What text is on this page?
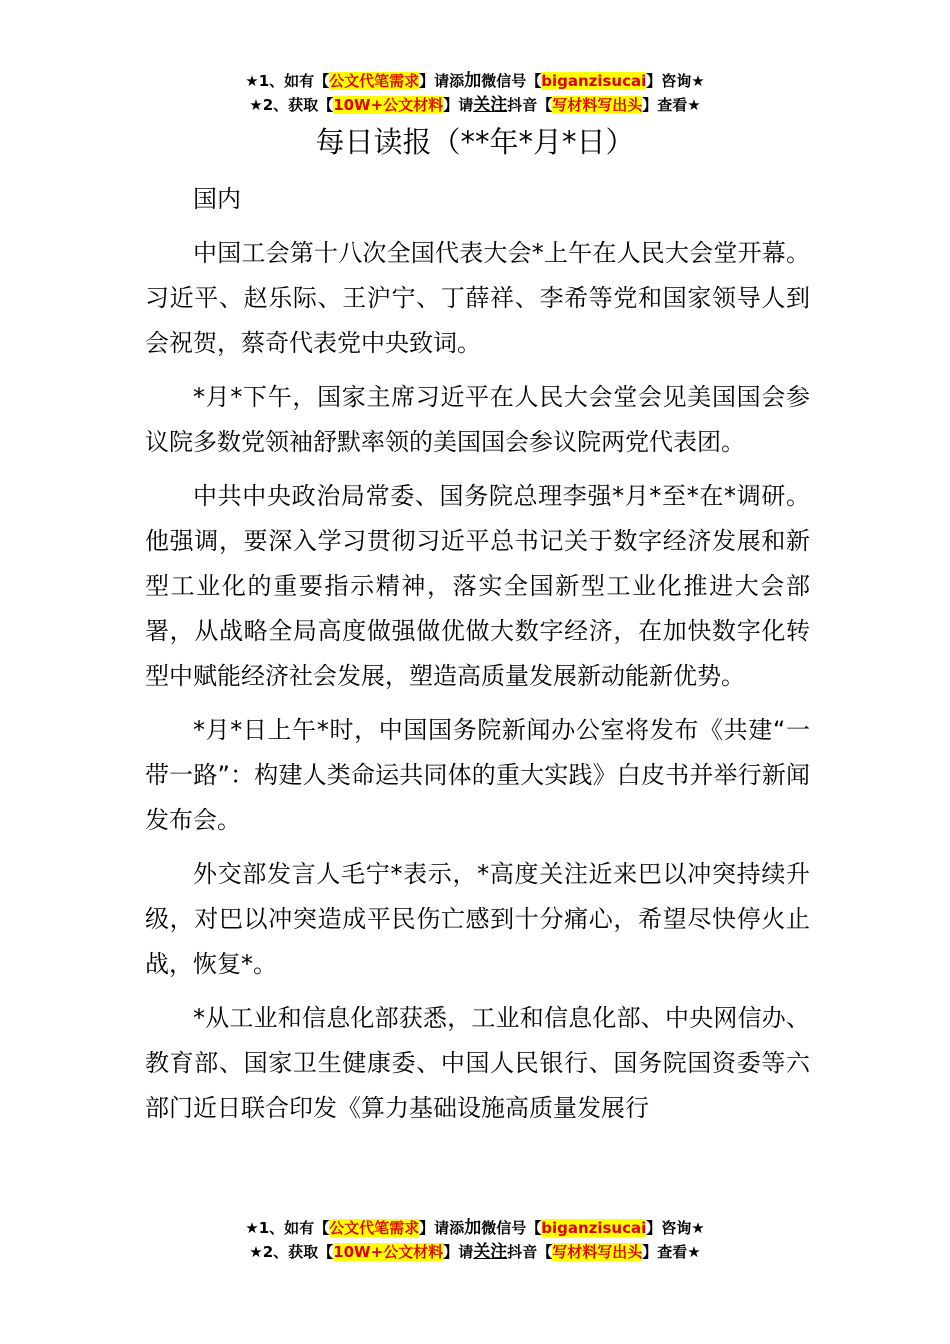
★1、如有【公文代笔需求】请添加微信号【biganzisucai】咨询★
★2、获取【10W+公文材料】请关注抖音【写材料写出头】查看★
每日读报（**年*月*日）

国内

中国工会第十八次全国代表大会*上午在人民大会堂开幕。习近平、赵乐际、王沪宁、丁薛祥、李希等党和国家领导人到会祝贺，蔡奇代表党中央致词。

*月*下午，国家主席习近平在人民大会堂会见美国国会参议院多数党领袖舒默率领的美国国会参议院两党代表团。

中共中央政治局常委、国务院总理李强*月*至*在*调研。他强调，要深入学习贯彻习近平总书记关于数字经济发展和新型工业化的重要指示精神，落实全国新型工业化推进大会部署，从战略全局高度做强做优做大数字经济，在加快数字化转型中赋能经济社会发展，塑造高质量发展新动能新优势。

*月*日上午*时，中国国务院新闻办公室将发布《共建“一带一路”：构建人类命运共同体的重大实践》白皮书并举行新闻发布会。

外交部发言人毛宁*表示，*高度关注近来巴以冲突持续升级，对巴以冲突造成平民伤亡感到十分痛心，希望尽快停火止战，恢复*。

*从工业和信息化部获悉，工业和信息化部、中央网信办、教育部、国家卫生健康委、中国人民银行、国务院国资委等六部门近日联合印发《算力基础设施高质量发展行

★1、如有【公文代笔需求】请添加微信号【biganzisucai】咨询★
★2、获取【10W+公文材料】请关注抖音【写材料写出头】查看★
